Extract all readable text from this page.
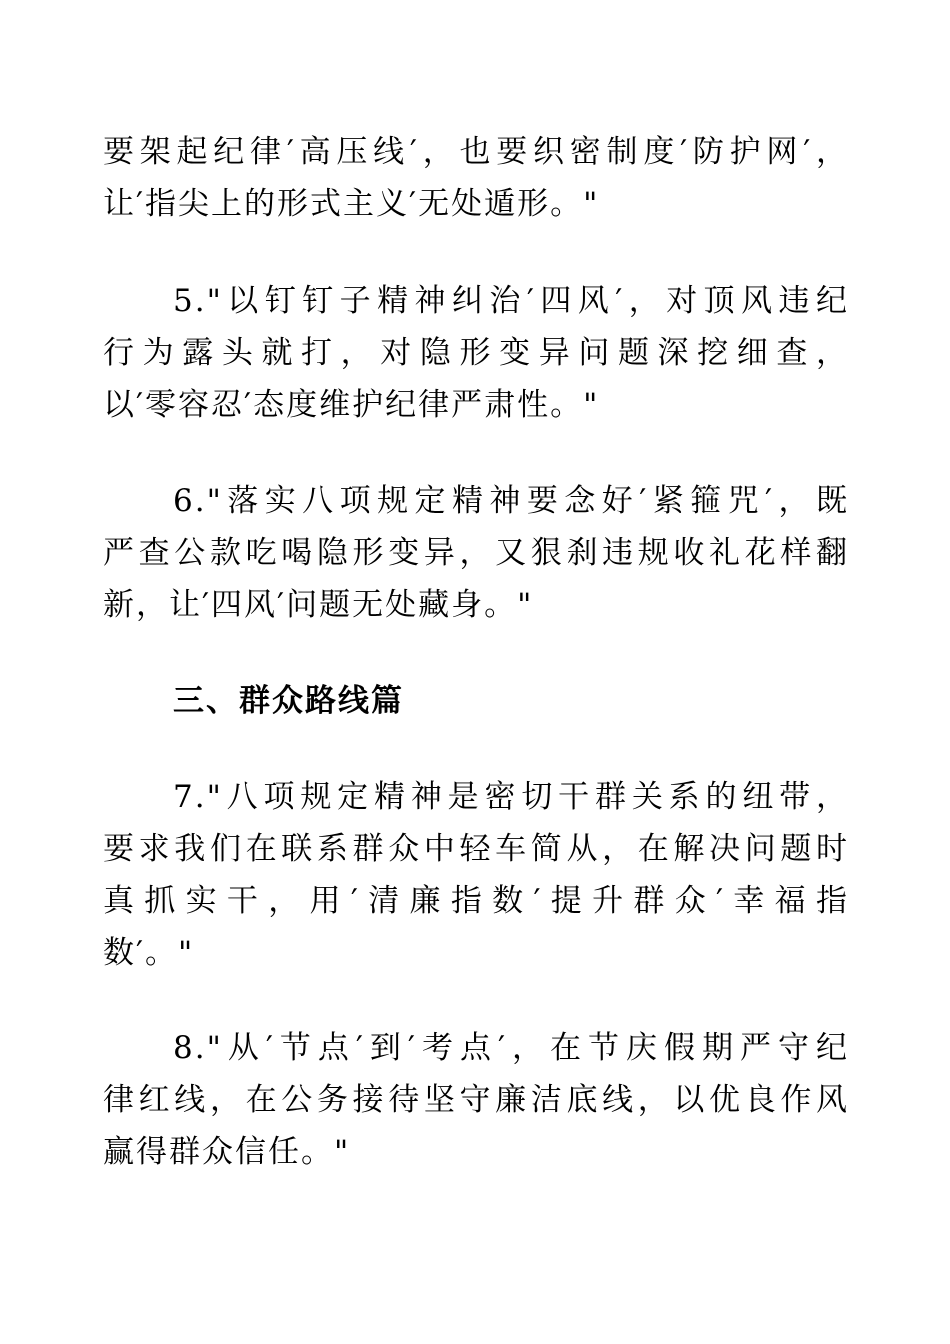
要架起纪律′高压线′，也要织密制度′防护网′，
让′指尖上的形式主义′无处遁形。"
5."以钉钉子精神纠治′四风′，对顶风违纪
行为露头就打，对隐形变异问题深挖细查，
以′零容忍′态度维护纪律严肃性。"
6."落实八项规定精神要念好′紧箍咒′，既
严查公款吃喝隐形变异，又狠刹违规收礼花样翻
新，让′四风′问题无处藏身。"
三、群众路线篇
7."八项规定精神是密切干群关系的纽带，
要求我们在联系群众中轻车简从，在解决问题时
真抓实干，用′清廉指数′提升群众′幸福指
数′。"
8."从′节点′到′考点′，在节庆假期严守纪
律红线，在公务接待坚守廉洁底线，以优良作风
赢得群众信任。"
